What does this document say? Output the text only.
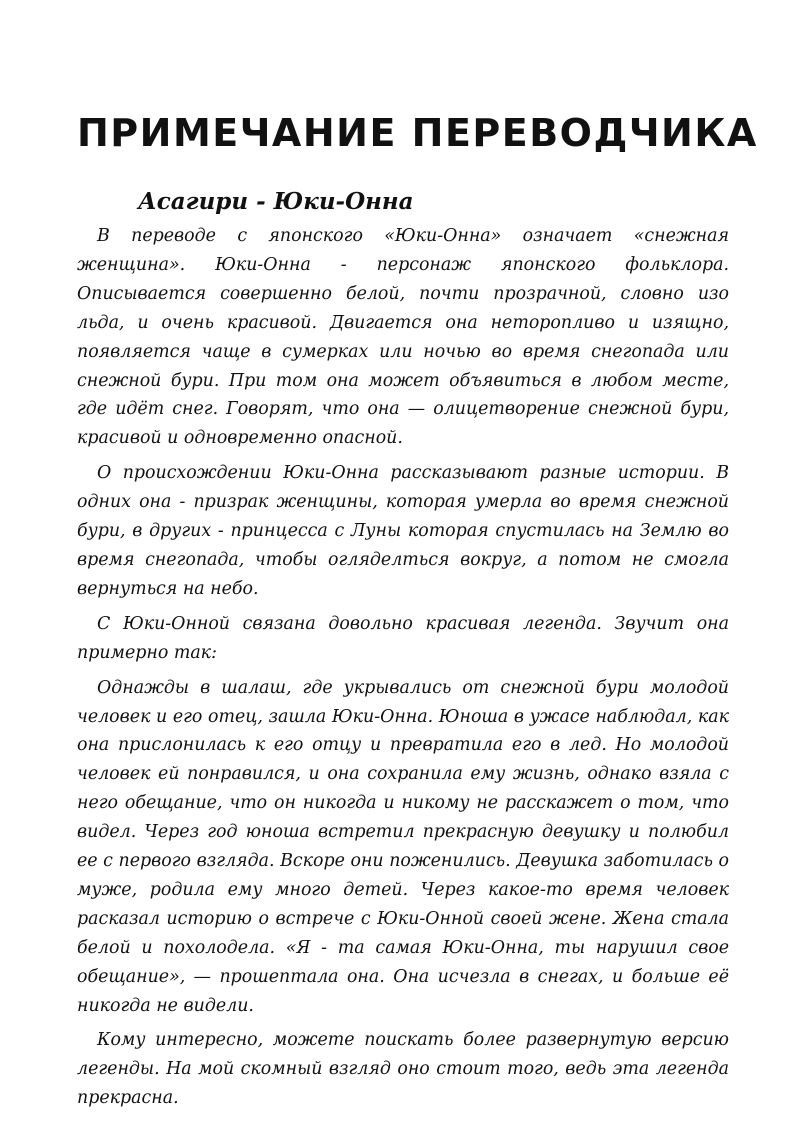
ПРИМЕЧАНИЕ ПЕРЕВОДЧИКА
Асагири - Юки-Онна

В переводе с японского «Юки-Онна» означает «снежная женщина». Юки-Онна - персонаж японского фольклора. Описывается совершенно белой, почти прозрачной, словно изо льда, и очень красивой. Двигается она неторопливо и изящно, появляется чаще в сумерках или ночью во время снегопада или снежной бури. При том она может объявиться в любом месте, где идёт снег. Говорят, что она — олицетворение снежной бури, красивой и одновременно опасной.

О происхождении Юки-Онна рассказывают разные истории. В одних она - призрак женщины, которая умерла во время снежной бури, в других - принцесса с Луны которая спустилась на Землю во время снегопада, чтобы огляделться вокруг, а потом не смогла вернуться на небо.

С Юки-Онной связана довольно красивая легенда. Звучит она примерно так:

Однажды в шалаш, где укрывались от снежной бури молодой человек и его отец, зашла Юки-Онна. Юноша в ужасе наблюдал, как она прислонилась к его отцу и превратила его в лед. Но молодой человек ей понравился, и она сохранила ему жизнь, однако взяла с него обещание, что он никогда и никому не расскажет о том, что видел. Через год юноша встретил прекрасную девушку и полюбил ее с первого взгляда. Вскоре они поженились. Девушка заботилась о муже, родила ему много детей. Через какое-то время человек расказал историю о встрече с Юки-Онной своей жене. Жена стала белой и похолодела. «Я - та самая Юки-Онна, ты нарушил свое обещание», — прошептала она. Она исчезла в снегах, и больше её никогда не видели.

Кому интересно, можете поискать более развернутую версию легенды. На мой скомный взгляд оно стоит того, ведь эта легенда прекрасна.
